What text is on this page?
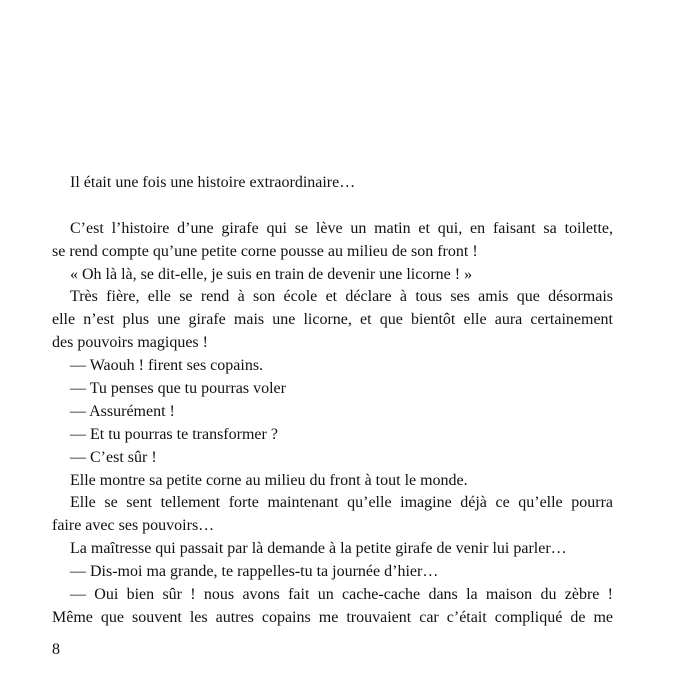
Il était une fois une histoire extraordinaire…
C’est l’histoire d’une girafe qui se lève un matin et qui, en faisant sa toilette,
se rend compte qu’une petite corne pousse au milieu de son front !
« Oh là là, se dit-elle, je suis en train de devenir une licorne ! »
Très fière, elle se rend à son école et déclare à tous ses amis que désormais
elle n’est plus une girafe mais une licorne, et que bientôt elle aura certainement
des pouvoirs magiques !
— Waouh ! firent ses copains.
— Tu penses que tu pourras voler
— Assurément !
— Et tu pourras te transformer ?
— C’est sûr !
Elle montre sa petite corne au milieu du front à tout le monde.
Elle se sent tellement forte maintenant qu’elle imagine déjà ce qu’elle pourra
faire avec ses pouvoirs…
La maîtresse qui passait par là demande à la petite girafe de venir lui parler…
— Dis-moi ma grande, te rappelles-tu ta journée d’hier…
— Oui bien sûr ! nous avons fait un cache-cache dans la maison du zèbre !
Même que souvent les autres copains me trouvaient car c’était compliqué de me
8
